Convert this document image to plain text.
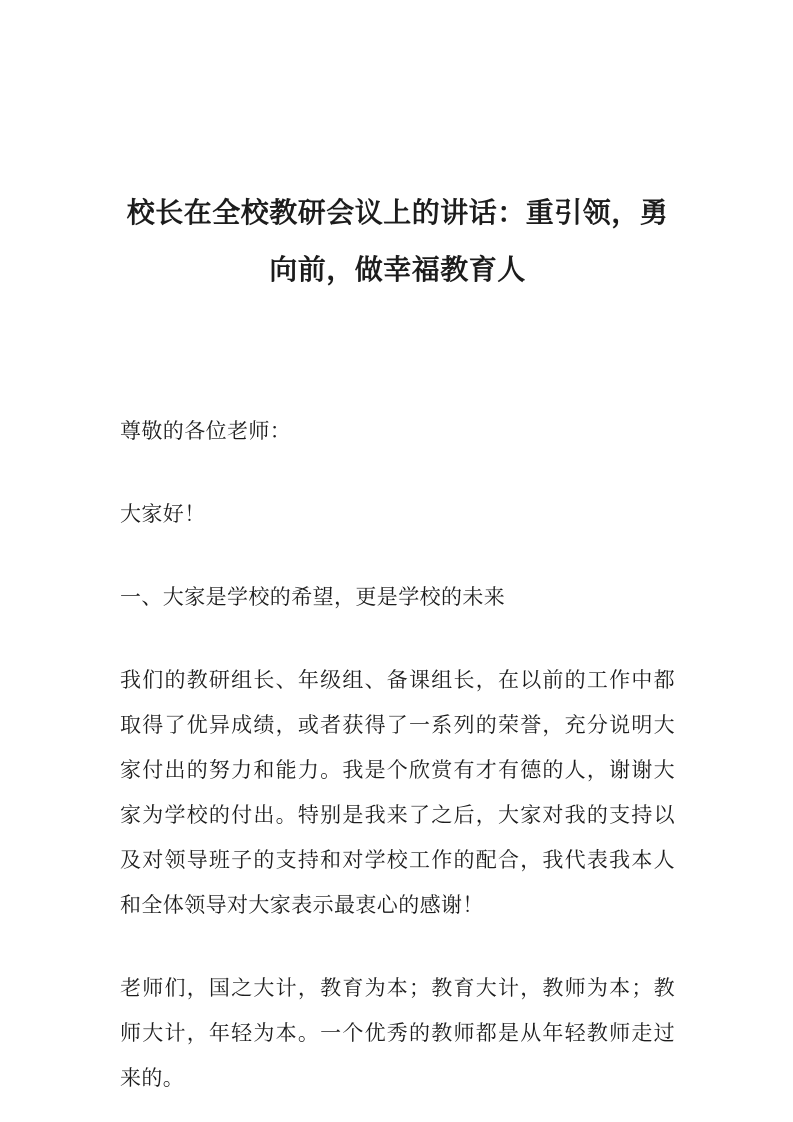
校长在全校教研会议上的讲话：重引领，勇
向前，做幸福教育人

尊敬的各位老师：

大家好！

一、大家是学校的希望，更是学校的未来

我们的教研组长、年级组、备课组长，在以前的工作中都取得了优异成绩，或者获得了一系列的荣誉，充分说明大家付出的努力和能力。我是个欣赏有才有德的人，谢谢大家为学校的付出。特别是我来了之后，大家对我的支持以及对领导班子的支持和对学校工作的配合，我代表我本人和全体领导对大家表示最衷心的感谢！

老师们，国之大计，教育为本；教育大计，教师为本；教师大计，年轻为本。一个优秀的教师都是从年轻教师走过来的。
